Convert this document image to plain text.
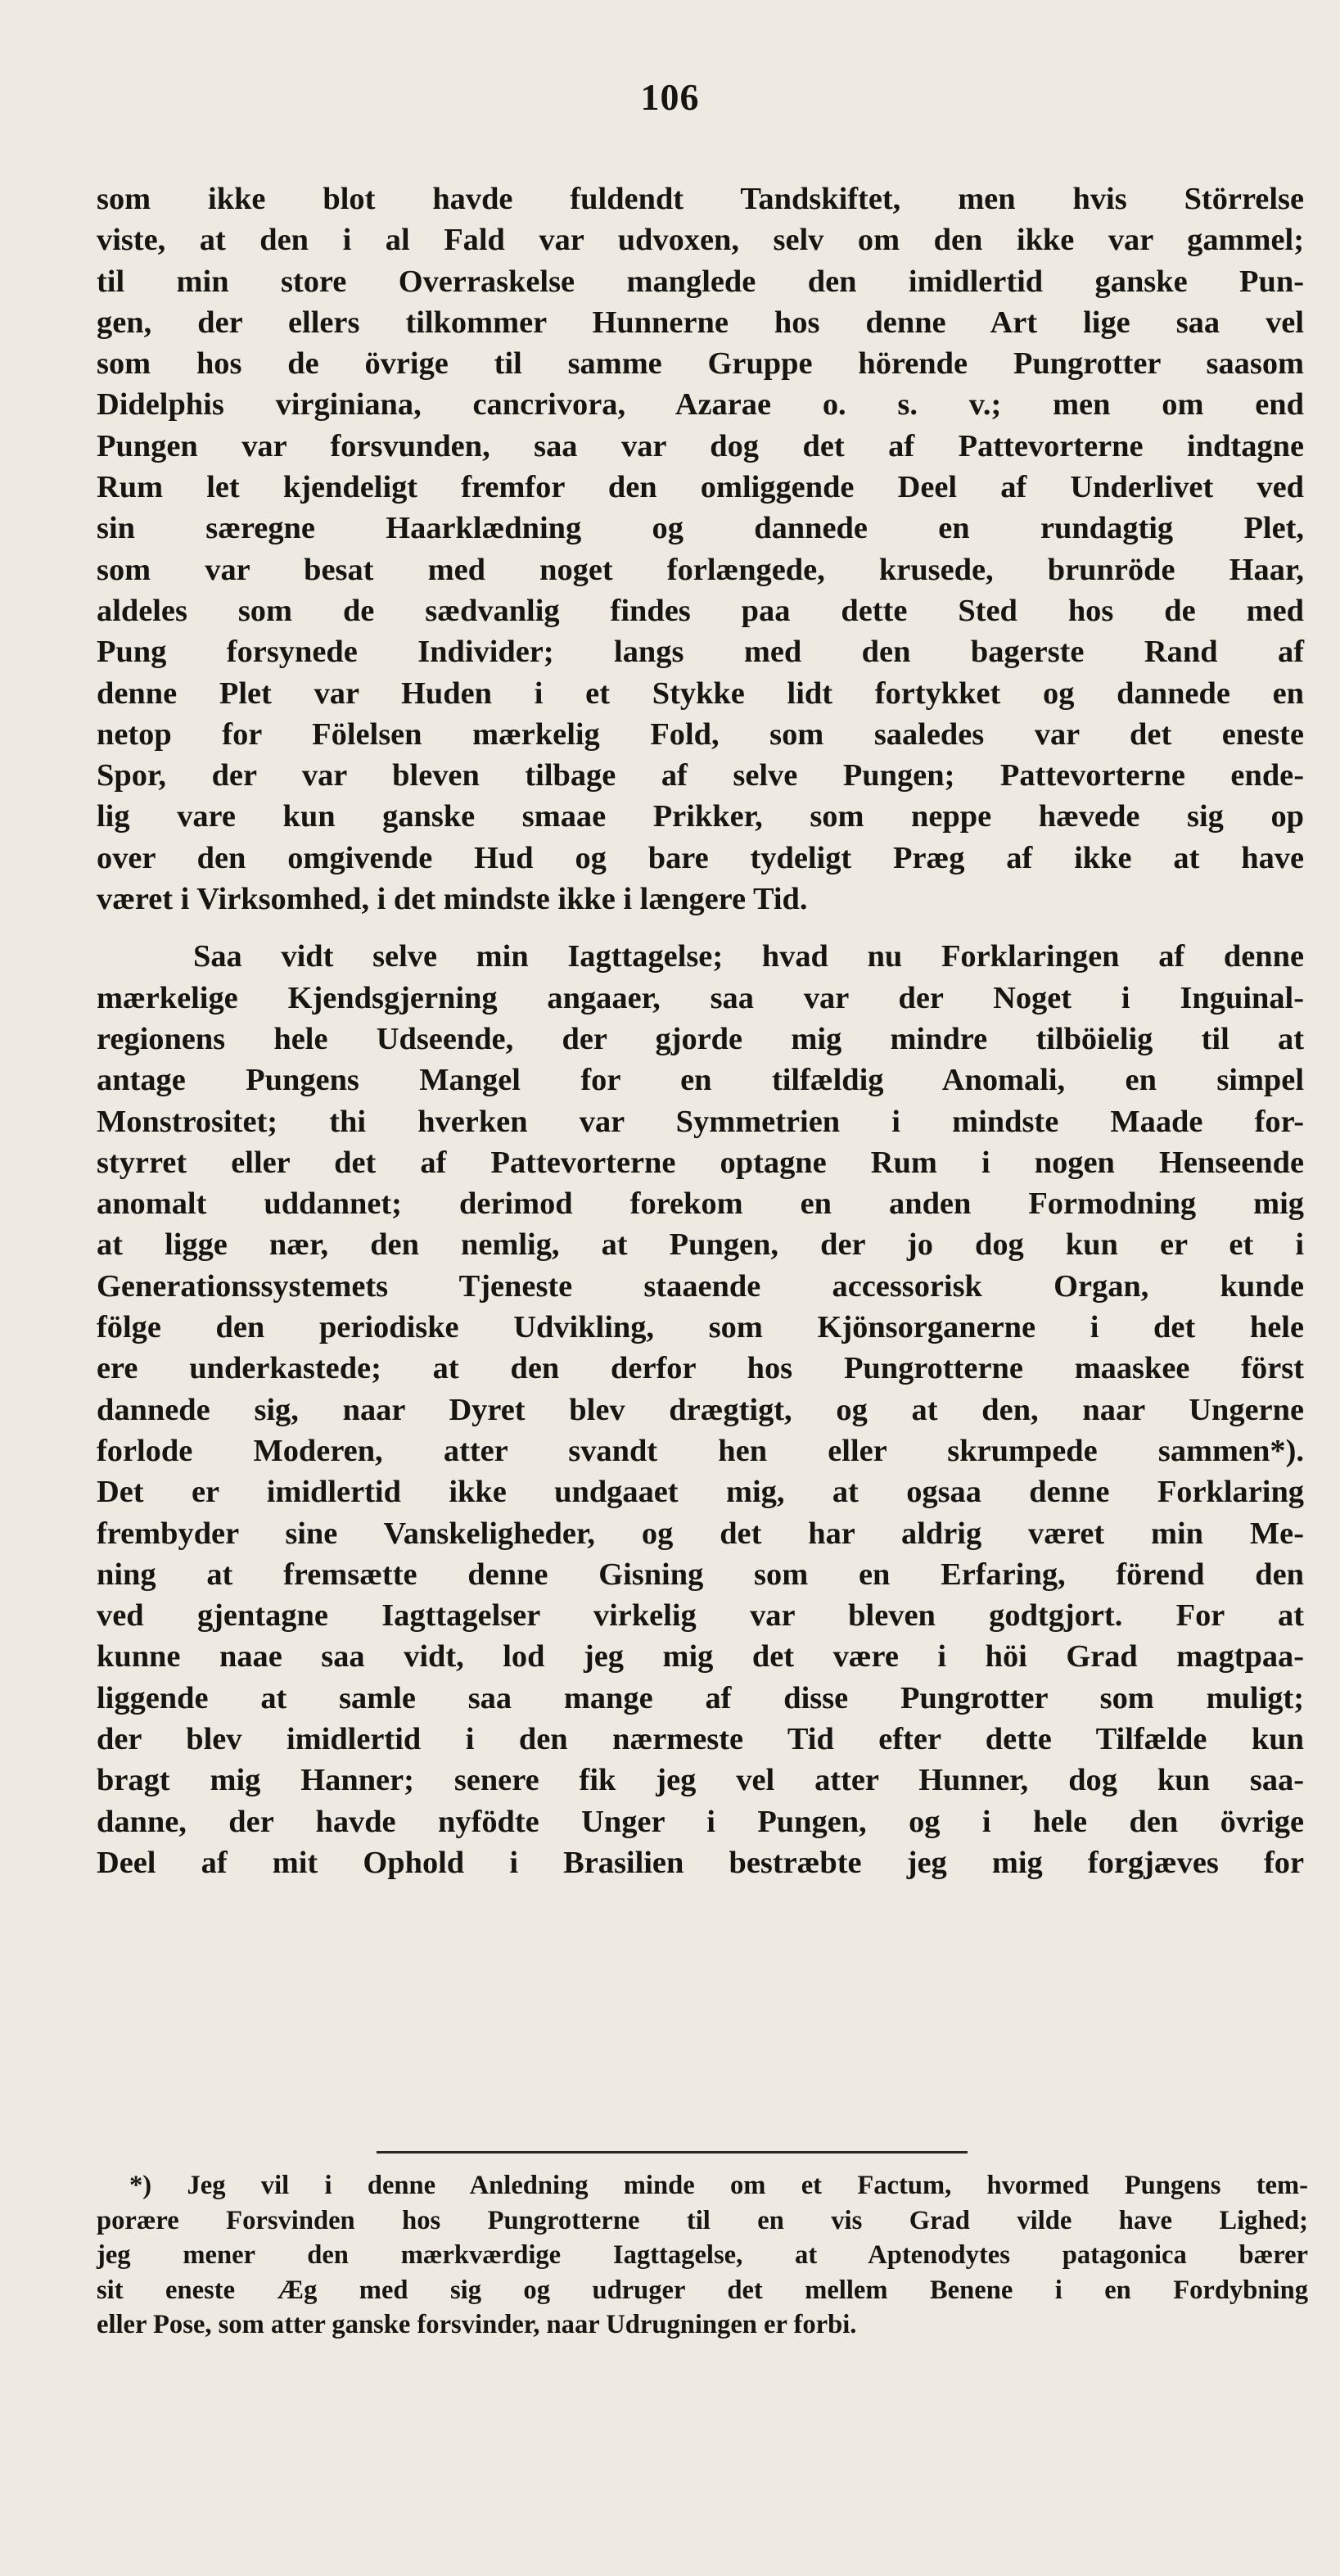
106
som ikke blot havde fuldendt Tandskiftet, men hvis Störrelse
viste, at den i al Fald var udvoxen, selv om den ikke var gammel;
til min store Overraskelse manglede den imidlertid ganske Pun-
gen, der ellers tilkommer Hunnerne hos denne Art lige saa vel
som hos de övrige til samme Gruppe hörende Pungrotter saasom
Didelphis virginiana, cancrivora, Azarae o. s. v.; men om end
Pungen var forsvunden, saa var dog det af Pattevorterne indtagne
Rum let kjendeligt fremfor den omliggende Deel af Underlivet ved
sin særegne Haarklædning og dannede en rundagtig Plet,
som var besat med noget forlængede, krusede, brunröde Haar,
aldeles som de sædvanlig findes paa dette Sted hos de med
Pung forsynede Individer; langs med den bagerste Rand af
denne Plet var Huden i et Stykke lidt fortykket og dannede en
netop for Fölelsen mærkelig Fold, som saaledes var det eneste
Spor, der var bleven tilbage af selve Pungen; Pattevorterne ende-
lig vare kun ganske smaae Prikker, som neppe hævede sig op
over den omgivende Hud og bare tydeligt Præg af ikke at have
været i Virksomhed, i det mindste ikke i længere Tid.
Saa vidt selve min Iagttagelse; hvad nu Forklaringen af denne
mærkelige Kjendsgjerning angaaer, saa var der Noget i Inguinal-
regionens hele Udseende, der gjorde mig mindre tilböielig til at
antage Pungens Mangel for en tilfældig Anomali, en simpel
Monstrositet; thi hverken var Symmetrien i mindste Maade for-
styrret eller det af Pattevorterne optagne Rum i nogen Henseende
anomalt uddannet; derimod forekom en anden Formodning mig
at ligge nær, den nemlig, at Pungen, der jo dog kun er et i
Generationssystemets Tjeneste staaende accessorisk Organ, kunde
fölge den periodiske Udvikling, som Kjönsorganerne i det hele
ere underkastede; at den derfor hos Pungrotterne maaskee först
dannede sig, naar Dyret blev drægtigt, og at den, naar Ungerne
forlode Moderen, atter svandt hen eller skrumpede sammen*).
Det er imidlertid ikke undgaaet mig, at ogsaa denne Forklaring
frembyder sine Vanskeligheder, og det har aldrig været min Me-
ning at fremsætte denne Gisning som en Erfaring, förend den
ved gjentagne Iagttagelser virkelig var bleven godtgjort. For at
kunne naae saa vidt, lod jeg mig det være i höi Grad magtpaa-
liggende at samle saa mange af disse Pungrotter som muligt;
der blev imidlertid i den nærmeste Tid efter dette Tilfælde kun
bragt mig Hanner; senere fik jeg vel atter Hunner, dog kun saa-
danne, der havde nyfödte Unger i Pungen, og i hele den övrige
Deel af mit Ophold i Brasilien bestræbte jeg mig forgjæves for
*) Jeg vil i denne Anledning minde om et Factum, hvormed Pungens tem-
porære Forsvinden hos Pungrotterne til en vis Grad vilde have Lighed;
jeg mener den mærkværdige Iagttagelse, at Aptenodytes patagonica bærer
sit eneste Æg med sig og udruger det mellem Benene i en Fordybning
eller Pose, som atter ganske forsvinder, naar Udrugningen er forbi.
